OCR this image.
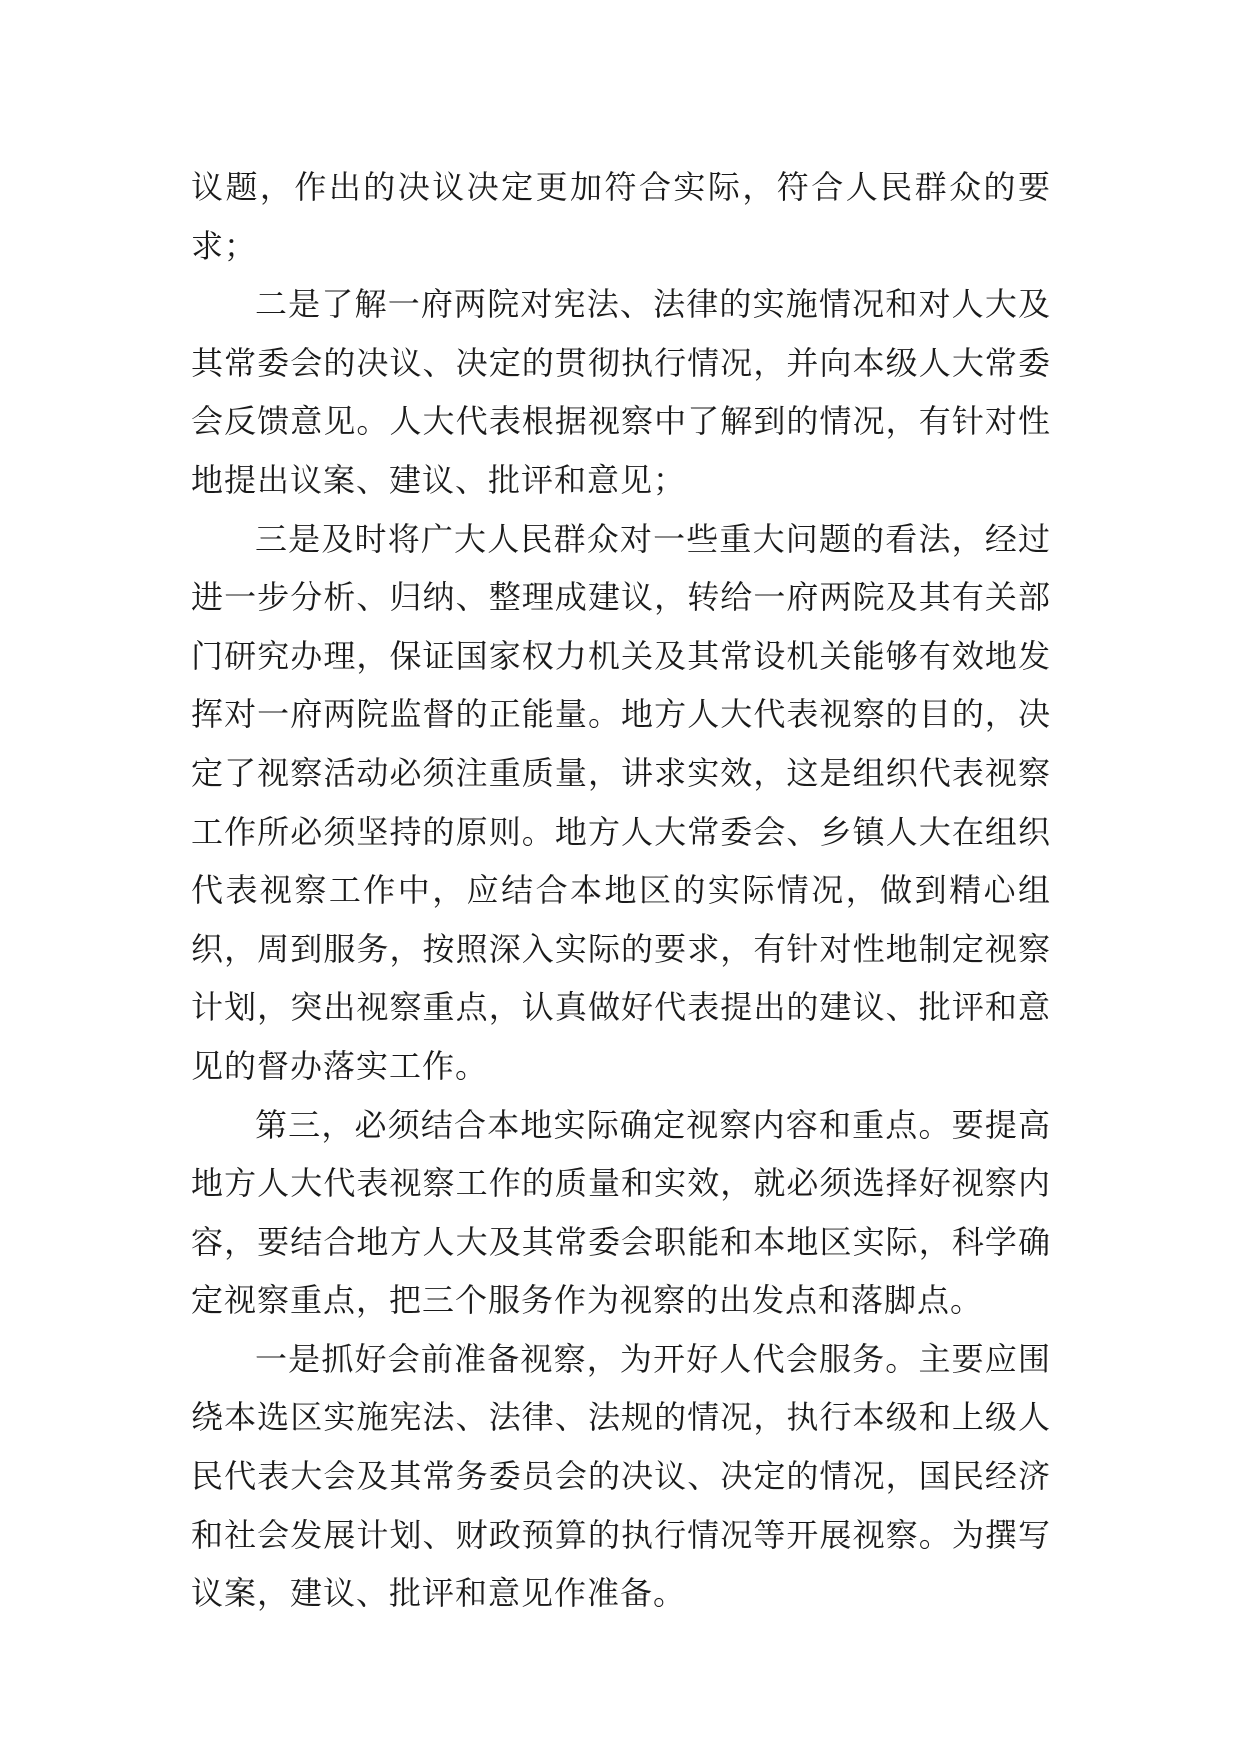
议题，作出的决议决定更加符合实际，符合人民群众的要求；

二是了解一府两院对宪法、法律的实施情况和对人大及其常委会的决议、决定的贯彻执行情况，并向本级人大常委会反馈意见。人大代表根据视察中了解到的情况，有针对性地提出议案、建议、批评和意见；

三是及时将广大人民群众对一些重大问题的看法，经过进一步分析、归纳、整理成建议，转给一府两院及其有关部门研究办理，保证国家权力机关及其常设机关能够有效地发挥对一府两院监督的正能量。地方人大代表视察的目的，决定了视察活动必须注重质量，讲求实效，这是组织代表视察工作所必须坚持的原则。地方人大常委会、乡镇人大在组织代表视察工作中，应结合本地区的实际情况，做到精心组织，周到服务，按照深入实际的要求，有针对性地制定视察计划，突出视察重点，认真做好代表提出的建议、批评和意见的督办落实工作。

第三，必须结合本地实际确定视察内容和重点。要提高地方人大代表视察工作的质量和实效，就必须选择好视察内容，要结合地方人大及其常委会职能和本地区实际，科学确定视察重点，把三个服务作为视察的出发点和落脚点。

一是抓好会前准备视察，为开好人代会服务。主要应围绕本选区实施宪法、法律、法规的情况，执行本级和上级人民代表大会及其常务委员会的决议、决定的情况，国民经济和社会发展计划、财政预算的执行情况等开展视察。为撰写议案，建议、批评和意见作准备。
